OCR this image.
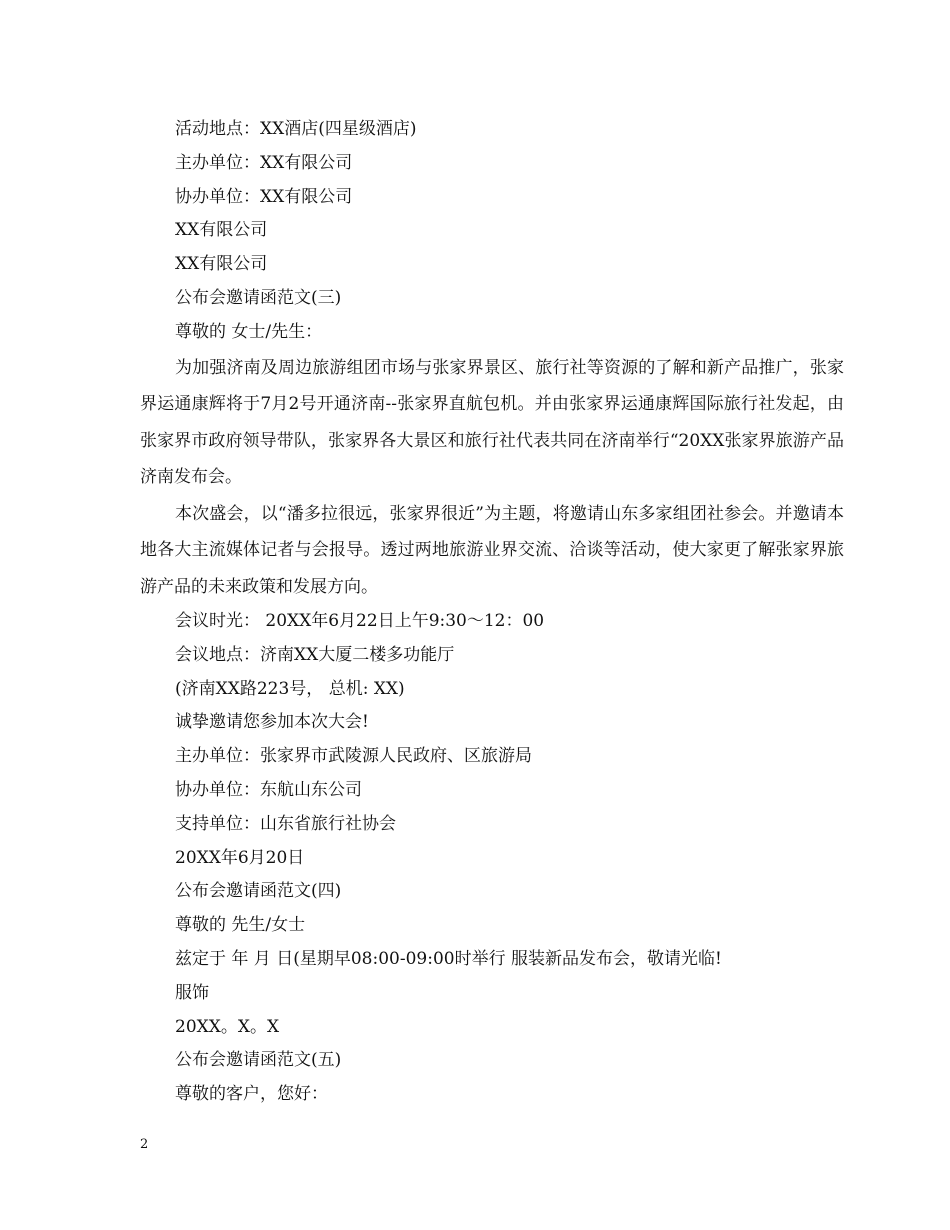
活动地点：XX酒店(四星级酒店)
主办单位：XX有限公司
协办单位：XX有限公司
XX有限公司
XX有限公司
公布会邀请函范文(三)
尊敬的 女士/先生：
为加强济南及周边旅游组团市场与张家界景区、旅行社等资源的了解和新产品推广，张家界运通康辉将于7月2号开通济南--张家界直航包机。并由张家界运通康辉国际旅行社发起，由张家界市政府领导带队，张家界各大景区和旅行社代表共同在济南举行“20XX张家界旅游产品济南发布会。
本次盛会，以“潘多拉很远，张家界很近”为主题，将邀请山东多家组团社参会。并邀请本地各大主流媒体记者与会报导。透过两地旅游业界交流、洽谈等活动，使大家更了解张家界旅游产品的未来政策和发展方向。
会议时光： 20XX年6月22日上午9:30～12：00
会议地点：济南XX大厦二楼多功能厅
(济南XX路223号， 总机: XX)
诚挚邀请您参加本次大会!
主办单位：张家界市武陵源人民政府、区旅游局
协办单位：东航山东公司
支持单位：山东省旅行社协会
20XX年6月20日
公布会邀请函范文(四)
尊敬的 先生/女士
兹定于 年 月 日(星期早08:00-09:00时举行 服装新品发布会，敬请光临!
服饰
20XX。X。X
公布会邀请函范文(五)
尊敬的客户，您好：
2
